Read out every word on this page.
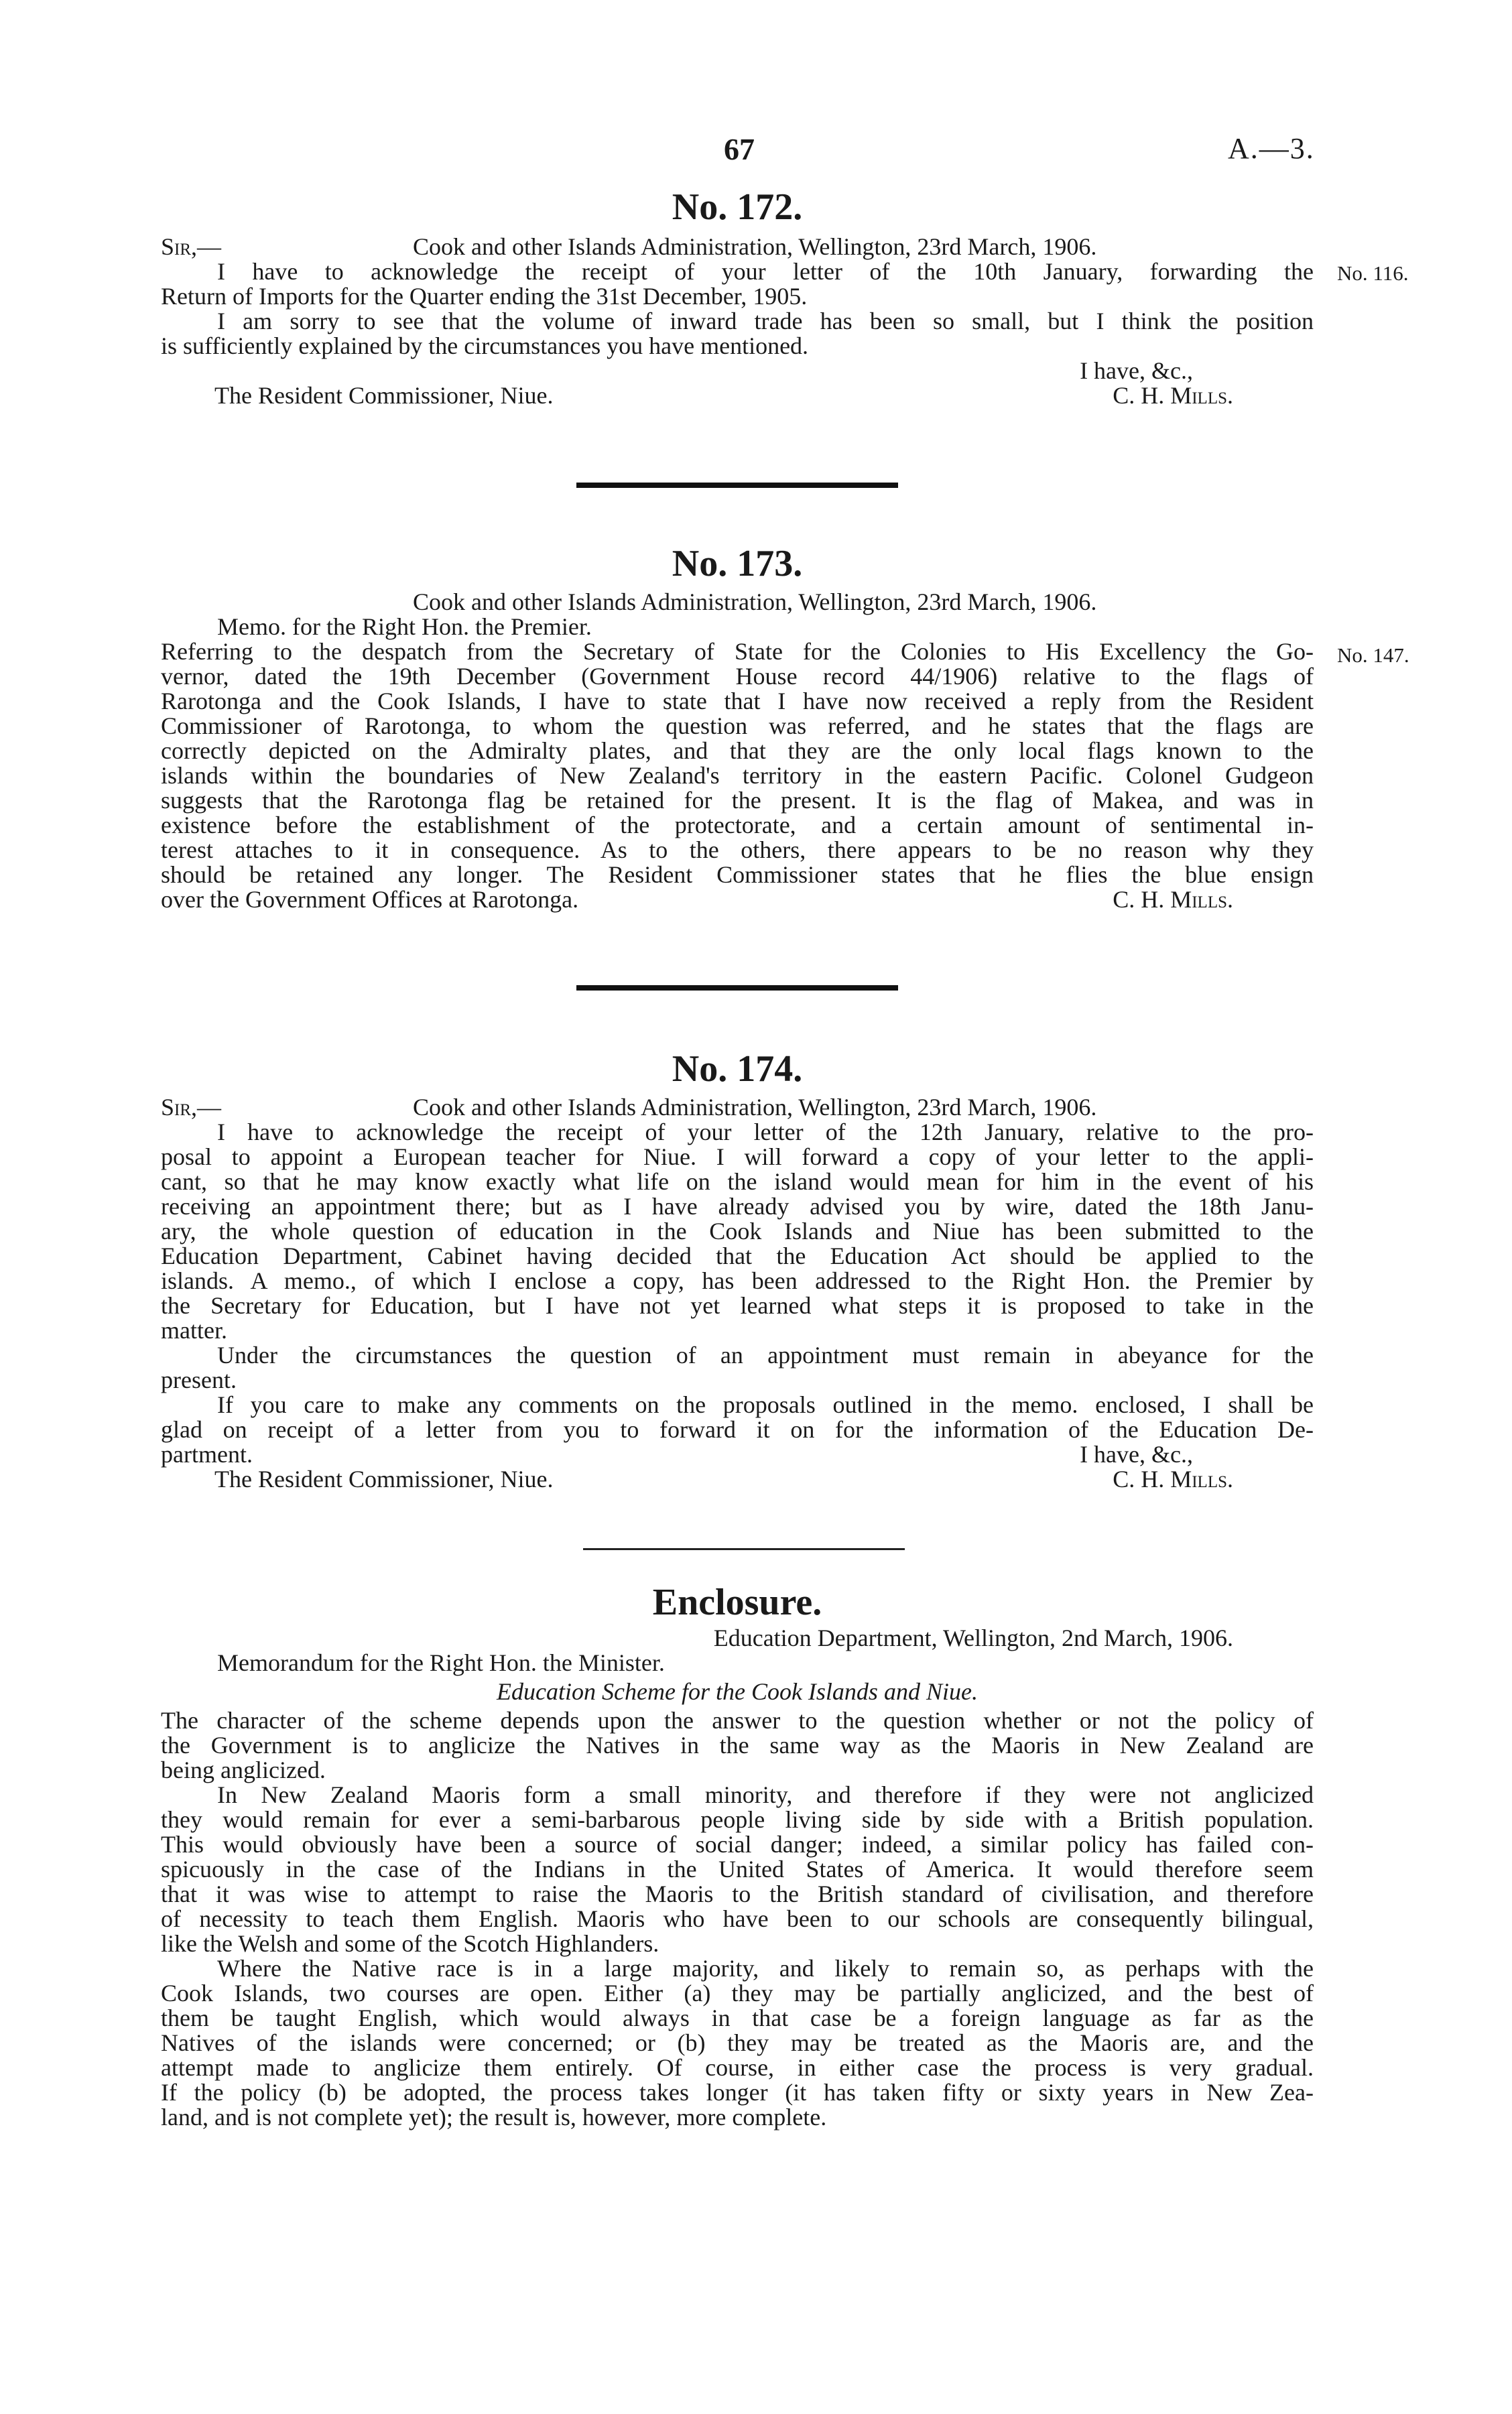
67	A.—3.
No. 172.
Sir,—	Cook and other Islands Administration, Wellington, 23rd March, 1906.
I have to acknowledge the receipt of your letter of the 10th January, forwarding the
Return of Imports for the Quarter ending the 31st December, 1905.
I am sorry to see that the volume of inward trade has been so small, but I think the position
is sufficiently explained by the circumstances you have mentioned.
I have, &c.,
The Resident Commissioner, Niue.	C. H. Mills.
No. 116.
No. 173.
Cook and other Islands Administration, Wellington, 23rd March, 1906.
Memo. for the Right Hon. the Premier.
Referring to the despatch from the Secretary of State for the Colonies to His Excellency the Go-
vernor, dated the 19th December (Government House record 44/1906) relative to the flags of
Rarotonga and the Cook Islands, I have to state that I have now received a reply from the Resident
Commissioner of Rarotonga, to whom the question was referred, and he states that the flags are
correctly depicted on the Admiralty plates, and that they are the only local flags known to the
islands within the boundaries of New Zealand's territory in the eastern Pacific. Colonel Gudgeon
suggests that the Rarotonga flag be retained for the present. It is the flag of Makea, and was in
existence before the establishment of the protectorate, and a certain amount of sentimental in-
terest attaches to it in consequence. As to the others, there appears to be no reason why they
should be retained any longer. The Resident Commissioner states that he flies the blue ensign
over the Government Offices at Rarotonga.	C. H. Mills.
No. 147.
No. 174.
Sir,—	Cook and other Islands Administration, Wellington, 23rd March, 1906.
I have to acknowledge the receipt of your letter of the 12th January, relative to the pro-
posal to appoint a European teacher for Niue. I will forward a copy of your letter to the appli-
cant, so that he may know exactly what life on the island would mean for him in the event of his
receiving an appointment there; but as I have already advised you by wire, dated the 18th Janu-
ary, the whole question of education in the Cook Islands and Niue has been submitted to the
Education Department, Cabinet having decided that the Education Act should be applied to the
islands. A memo., of which I enclose a copy, has been addressed to the Right Hon. the Premier by
the Secretary for Education, but I have not yet learned what steps it is proposed to take in the
matter.
Under the circumstances the question of an appointment must remain in abeyance for the
present.
If you care to make any comments on the proposals outlined in the memo. enclosed, I shall be
glad on receipt of a letter from you to forward it on for the information of the Education De-
partment.	I have, &c.,
The Resident Commissioner, Niue.	C. H. Mills.
Enclosure.
Education Department, Wellington, 2nd March, 1906.
Memorandum for the Right Hon. the Minister.
Education Scheme for the Cook Islands and Niue.
The character of the scheme depends upon the answer to the question whether or not the policy of
the Government is to anglicize the Natives in the same way as the Maoris in New Zealand are
being anglicized.
In New Zealand Maoris form a small minority, and therefore if they were not anglicized
they would remain for ever a semi-barbarous people living side by side with a British population.
This would obviously have been a source of social danger; indeed, a similar policy has failed con-
spicuously in the case of the Indians in the United States of America. It would therefore seem
that it was wise to attempt to raise the Maoris to the British standard of civilisation, and therefore
of necessity to teach them English. Maoris who have been to our schools are consequently bilingual,
like the Welsh and some of the Scotch Highlanders.
Where the Native race is in a large majority, and likely to remain so, as perhaps with the
Cook Islands, two courses are open. Either (a) they may be partially anglicized, and the best of
them be taught English, which would always in that case be a foreign language as far as the
Natives of the islands were concerned; or (b) they may be treated as the Maoris are, and the
attempt made to anglicize them entirely. Of course, in either case the process is very gradual.
If the policy (b) be adopted, the process takes longer (it has taken fifty or sixty years in New Zea-
land, and is not complete yet); the result is, however, more complete.
